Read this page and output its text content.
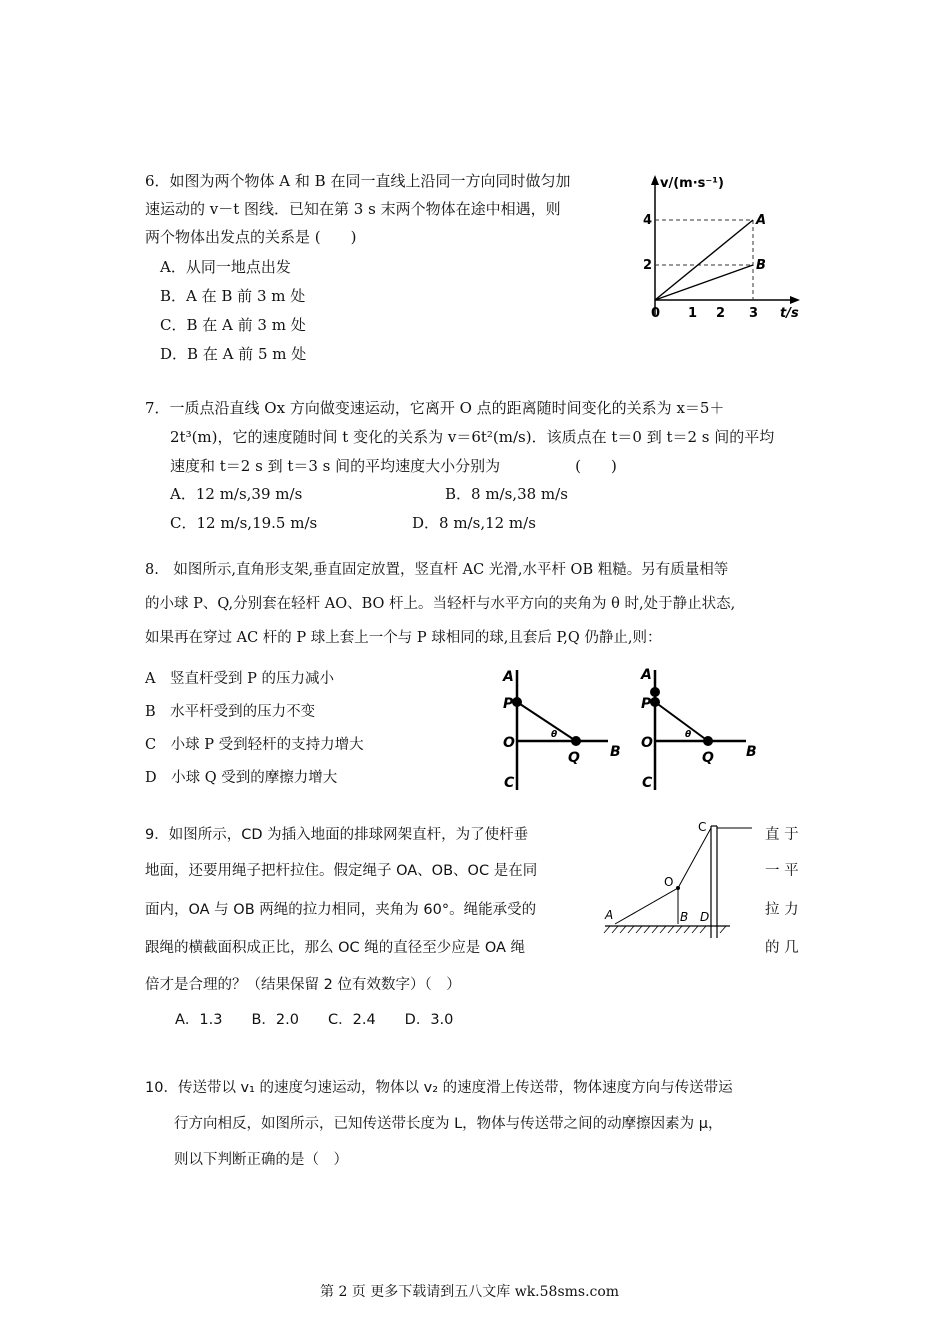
6．如图为两个物体 A 和 B 在同一直线上沿同一方向同时做匀加
速运动的 v－t 图线．已知在第 3 s 末两个物体在途中相遇，则
两个物体出发点的关系是 (　　)
A．从同一地点出发
B．A 在 B 前 3 m 处
C．B 在 A 前 3 m 处
D．B 在 A 前 5 m 处
v/(m·s⁻¹)
4
2
0 1 2 3 t/s
A
B
7．一质点沿直线 Ox 方向做变速运动，它离开 O 点的距离随时间变化的关系为 x＝5＋
2t³(m)，它的速度随时间 t 变化的关系为 v＝6t²(m/s)．该质点在 t＝0 到 t＝2 s 间的平均
速度和 t＝2 s 到 t＝3 s 间的平均速度大小分别为　　　　　(　　)
A．12 m/s,39 m/s	B．8 m/s,38 m/s
C．12 m/s,19.5 m/s	D．8 m/s,12 m/s
8.　如图所示,直角形支架,垂直固定放置，竖直杆 AC 光滑,水平杆 OB 粗糙。另有质量相等
的小球 P、Q,分别套在轻杆 AO、BO 杆上。当轻杆与水平方向的夹角为 θ 时,处于静止状态,
如果再在穿过 AC 杆的 P 球上套上一个与 P 球相同的球,且套后 P,Q 仍静止,则：
A　竖直杆受到 P 的压力减小
B　水平杆受到的压力不变
C　小球 P 受到轻杆的支持力增大
D　小球 Q 受到的摩擦力增大
A
P
O	θ
Q B
C
A
P
O	θ
Q B
C
9．如图所示，CD 为插入地面的排球网架直杆，为了使杆垂
地面，还要用绳子把杆拉住。假定绳子 OA、OB、OC 是在同
面内，OA 与 OB 两绳的拉力相同，夹角为 60°。绳能承受的
跟绳的横截面积成正比，那么 OC 绳的直径至少应是 OA 绳
倍才是合理的？（结果保留 2 位有效数字）（　）
直 于
一 平
拉 力
的 几
A．1.3　　B．2.0　　C．2.4　　D．3.0
C
O
A	B D
10．传送带以 v₁ 的速度匀速运动，物体以 v₂ 的速度滑上传送带，物体速度方向与传送带运
　　行方向相反，如图所示，已知传送带长度为 L，物体与传送带之间的动摩擦因素为 μ，
　　则以下判断正确的是（　）
第 2 页 更多下载请到五八文库 wk.58sms.com
